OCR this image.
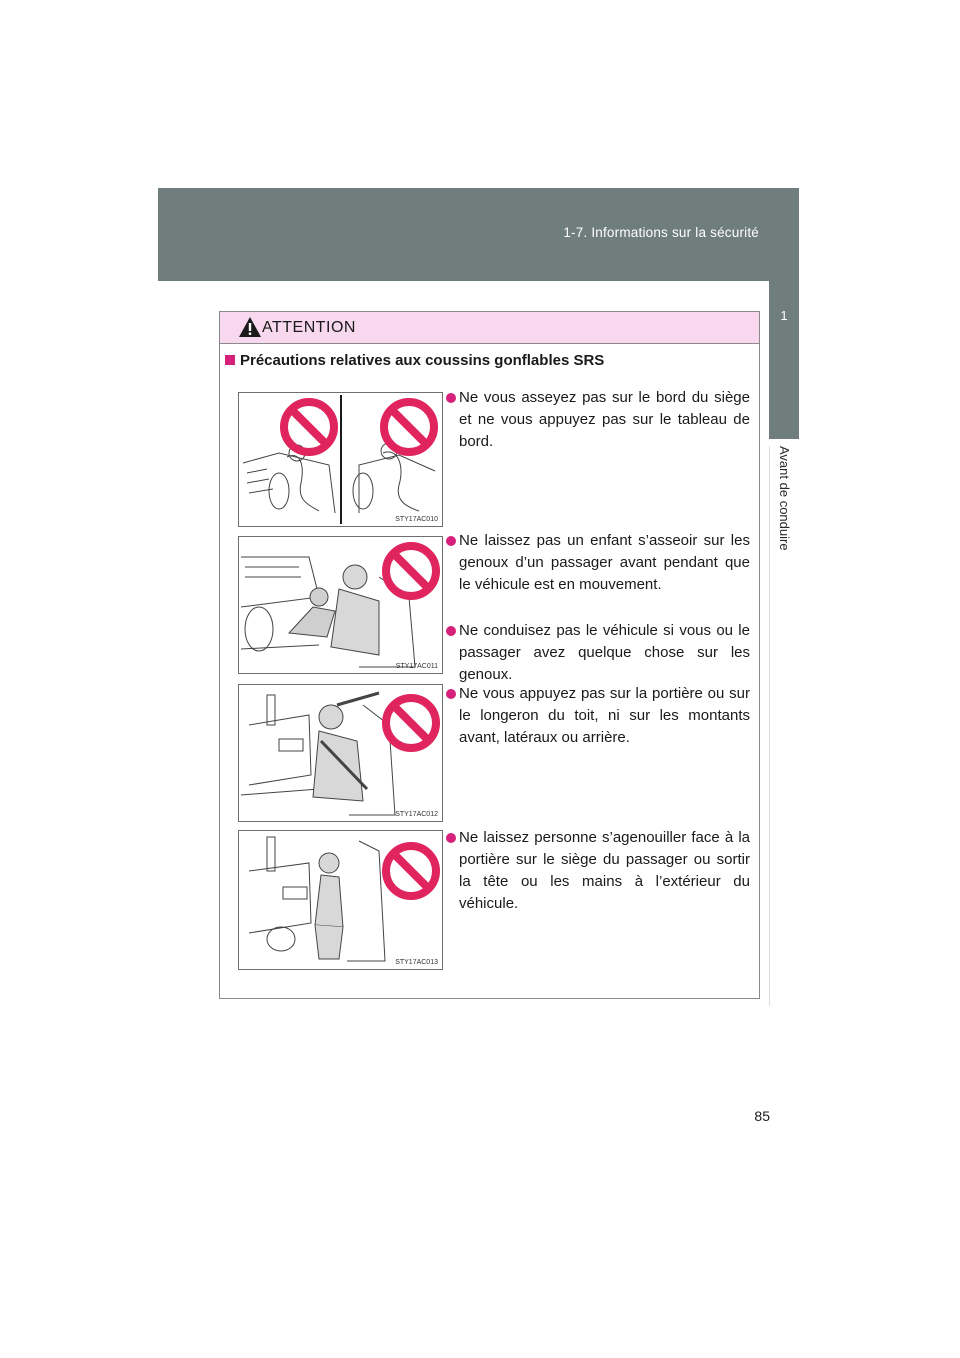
1-7. Informations sur la sécurité
1
Avant de conduire
ATTENTION
Précautions relatives aux coussins gonflables SRS
STY17AC010
STY17AC011
STY17AC012
STY17AC013
Ne vous asseyez pas sur le bord du siège et ne vous appuyez pas sur le tableau de bord.
Ne laissez pas un enfant s’asseoir sur les genoux d’un passager avant pendant que le véhicule est en mouvement.
Ne conduisez pas le véhicule si vous ou le passager avez quelque chose sur les genoux.
Ne vous appuyez pas sur la portière ou sur le longeron du toit, ni sur les montants avant, latéraux ou arrière.
Ne laissez personne s’agenouiller face à la portière sur le siège du passager ou sortir la tête ou les mains à l’extérieur du véhicule.
85
